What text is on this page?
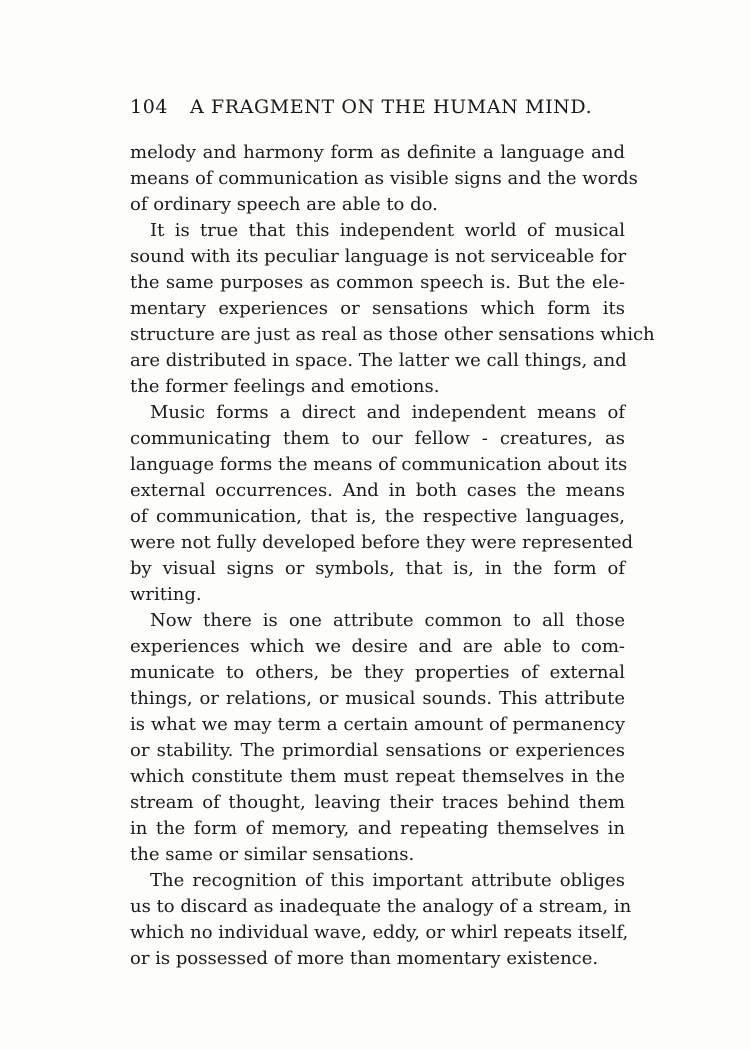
104 A FRAGMENT ON THE HUMAN MIND.

melody and harmony form as definite a language and
means of communication as visible signs and the words
of ordinary speech are able to do.

It is true that this independent world of musical
sound with its peculiar language is not serviceable for
the same purposes as common speech is. But the ele-
mentary experiences or sensations which form its
structure are just as real as those other sensations which
are distributed in space. The latter we call things, and
the former feelings and emotions.

Music forms a direct and independent means of
communicating them to our fellow - creatures, as
language forms the means of communication about its
external occurrences. And in both cases the means
of communication, that is, the respective languages,
were not fully developed before they were represented
by visual signs or symbols, that is, in the form of
writing.

Now there is one attribute common to all those
experiences which we desire and are able to com-
municate to others, be they properties of external
things, or relations, or musical sounds. This attribute
is what we may term a certain amount of permanency
or stability. The primordial sensations or experiences
which constitute them must repeat themselves in the
stream of thought, leaving their traces behind them
in the form of memory, and repeating themselves in
the same or similar sensations.

The recognition of this important attribute obliges
us to discard as inadequate the analogy of a stream, in
which no individual wave, eddy, or whirl repeats itself,
or is possessed of more than momentary existence.
